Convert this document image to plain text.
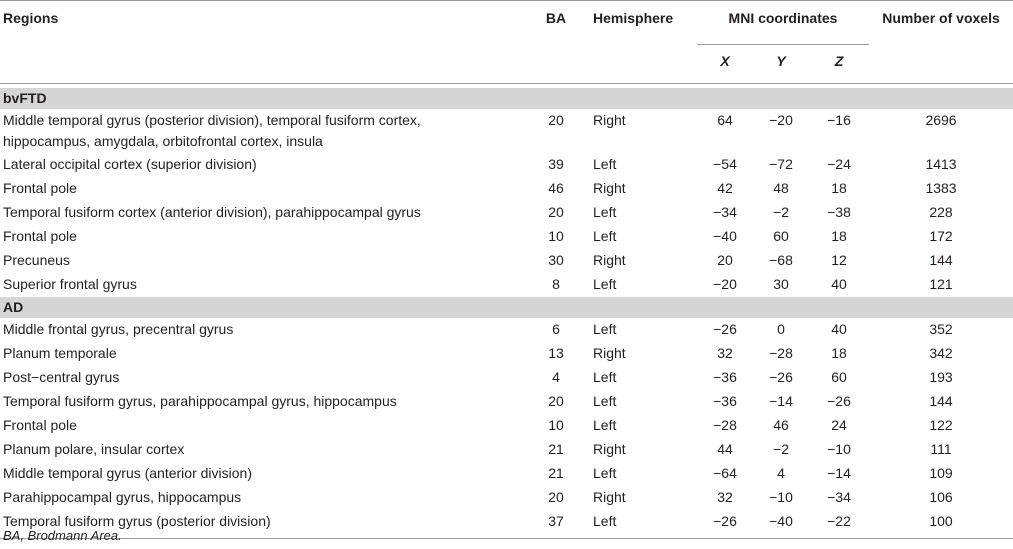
Regions	BA	Hemisphere	MNI coordinates			Number of voxels
			X	Y	Z	

bvFTD						
Middle temporal gyrus (posterior division), temporal fusiform cortex,
hippocampus, amygdala, orbitofrontal cortex, insula	20	Right	64	−20	−16	2696
Lateral occipital cortex (superior division)	39	Left	−54	−72	−24	1413
Frontal pole	46	Right	42	48	18	1383
Temporal fusiform cortex (anterior division), parahippocampal gyrus	20	Left	−34	−2	−38	228
Frontal pole	10	Left	−40	60	18	172
Precuneus	30	Right	20	−68	12	144
Superior frontal gyrus	8	Left	−20	30	40	121
AD						
Middle frontal gyrus, precentral gyrus	6	Left	−26	0	40	352
Planum temporale	13	Right	32	−28	18	342
Post−central gyrus	4	Left	−36	−26	60	193
Temporal fusiform gyrus, parahippocampal gyrus, hippocampus	20	Left	−36	−14	−26	144
Frontal pole	10	Left	−28	46	24	122
Planum polare, insular cortex	21	Right	44	−2	−10	111
Middle temporal gyrus (anterior division)	21	Left	−64	4	−14	109
Parahippocampal gyrus, hippocampus	20	Right	32	−10	−34	106
Temporal fusiform gyrus (posterior division)	37	Left	−26	−40	−22	100
BA, Brodmann Area.
